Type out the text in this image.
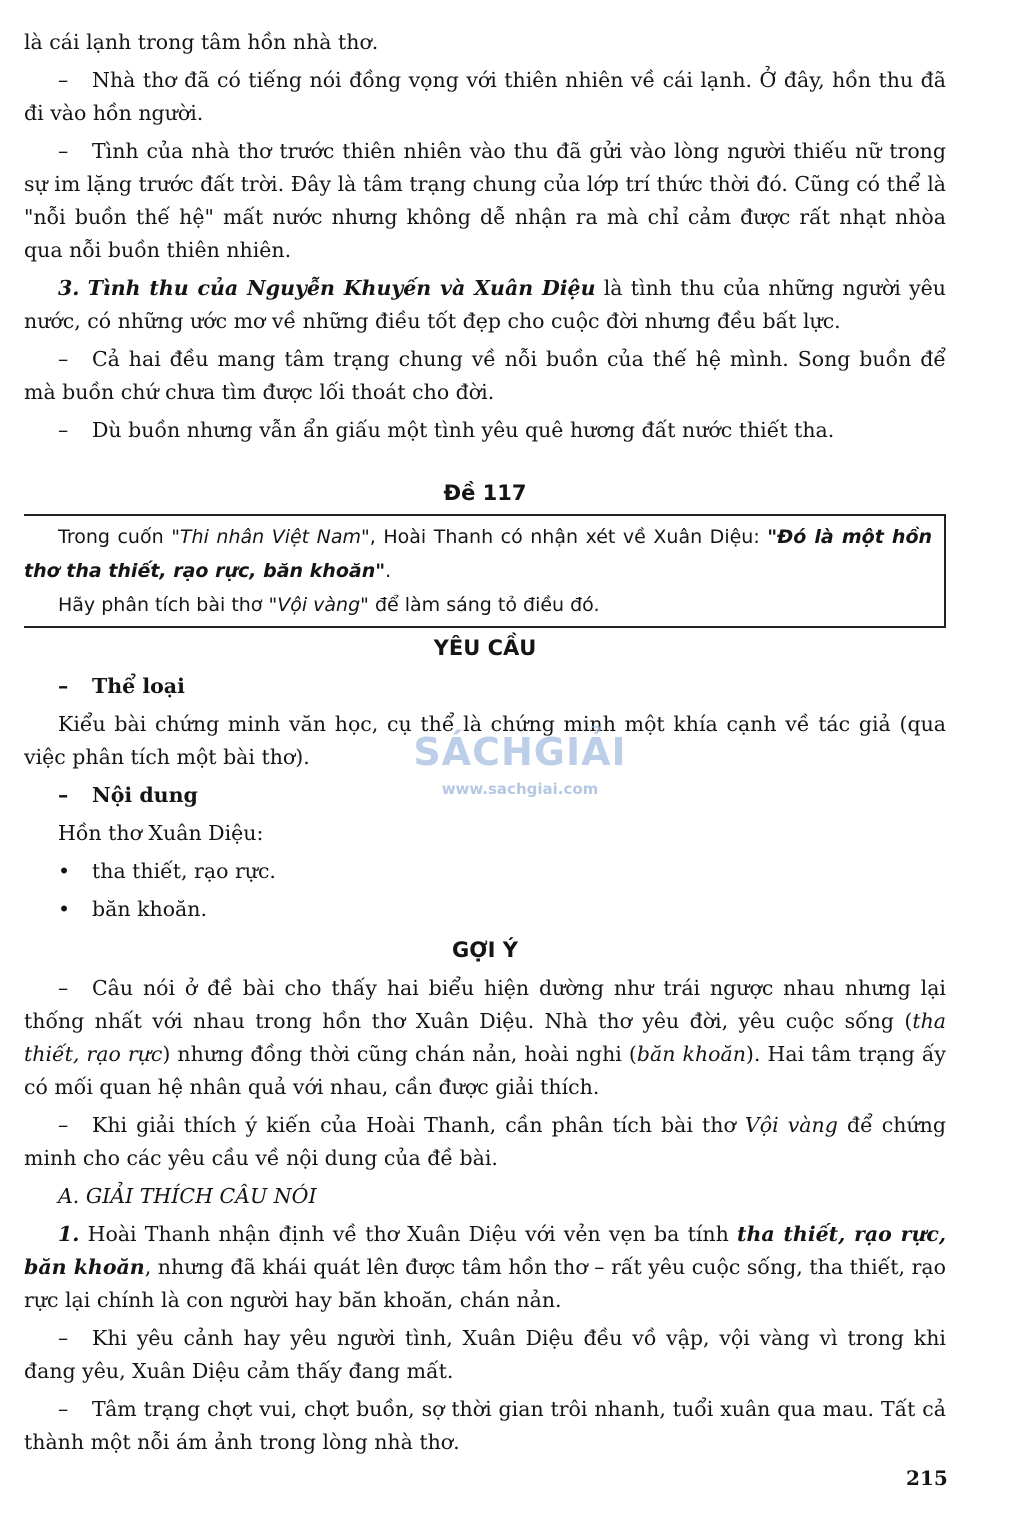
là cái lạnh trong tâm hồn nhà thơ.

– Nhà thơ đã có tiếng nói đồng vọng với thiên nhiên về cái lạnh. Ở đây, hồn thu đã đi vào hồn người.

– Tình của nhà thơ trước thiên nhiên vào thu đã gửi vào lòng người thiếu nữ trong sự im lặng trước đất trời. Đây là tâm trạng chung của lớp trí thức thời đó. Cũng có thể là "nỗi buồn thế hệ" mất nước nhưng không dễ nhận ra mà chỉ cảm được rất nhạt nhòa qua nỗi buồn thiên nhiên.

3. Tình thu của Nguyễn Khuyến và Xuân Diệu là tình thu của những người yêu nước, có những ước mơ về những điều tốt đẹp cho cuộc đời nhưng đều bất lực.

– Cả hai đều mang tâm trạng chung về nỗi buồn của thế hệ mình. Song buồn để mà buồn chứ chưa tìm được lối thoát cho đời.

– Dù buồn nhưng vẫn ẩn giấu một tình yêu quê hương đất nước thiết tha.

Đề 117

Trong cuốn "Thi nhân Việt Nam", Hoài Thanh có nhận xét về Xuân Diệu: "Đó là một hồn thơ tha thiết, rạo rực, băn khoăn".

Hãy phân tích bài thơ "Vội vàng" để làm sáng tỏ điều đó.

YÊU CẦU

– Thể loại

Kiểu bài chứng minh văn học, cụ thể là chứng minh một khía cạnh về tác giả (qua việc phân tích một bài thơ).

– Nội dung

Hồn thơ Xuân Diệu:

• tha thiết, rạo rực.

• băn khoăn.

GỢI Ý

– Câu nói ở đề bài cho thấy hai biểu hiện dường như trái ngược nhau nhưng lại thống nhất với nhau trong hồn thơ Xuân Diệu. Nhà thơ yêu đời, yêu cuộc sống (tha thiết, rạo rực) nhưng đồng thời cũng chán nản, hoài nghi (băn khoăn). Hai tâm trạng ấy có mối quan hệ nhân quả với nhau, cần được giải thích.

– Khi giải thích ý kiến của Hoài Thanh, cần phân tích bài thơ Vội vàng để chứng minh cho các yêu cầu về nội dung của đề bài.

A. GIẢI THÍCH CÂU NÓI

1. Hoài Thanh nhận định về thơ Xuân Diệu với vẻn vẹn ba tính tha thiết, rạo rực, băn khoăn, nhưng đã khái quát lên được tâm hồn thơ – rất yêu cuộc sống, tha thiết, rạo rực lại chính là con người hay băn khoăn, chán nản.

– Khi yêu cảnh hay yêu người tình, Xuân Diệu đều vồ vập, vội vàng vì trong khi đang yêu, Xuân Diệu cảm thấy đang mất.

– Tâm trạng chợt vui, chợt buồn, sợ thời gian trôi nhanh, tuổi xuân qua mau. Tất cả thành một nỗi ám ảnh trong lòng nhà thơ.

SÁCHGIẢI
www.sachgiai.com
215
